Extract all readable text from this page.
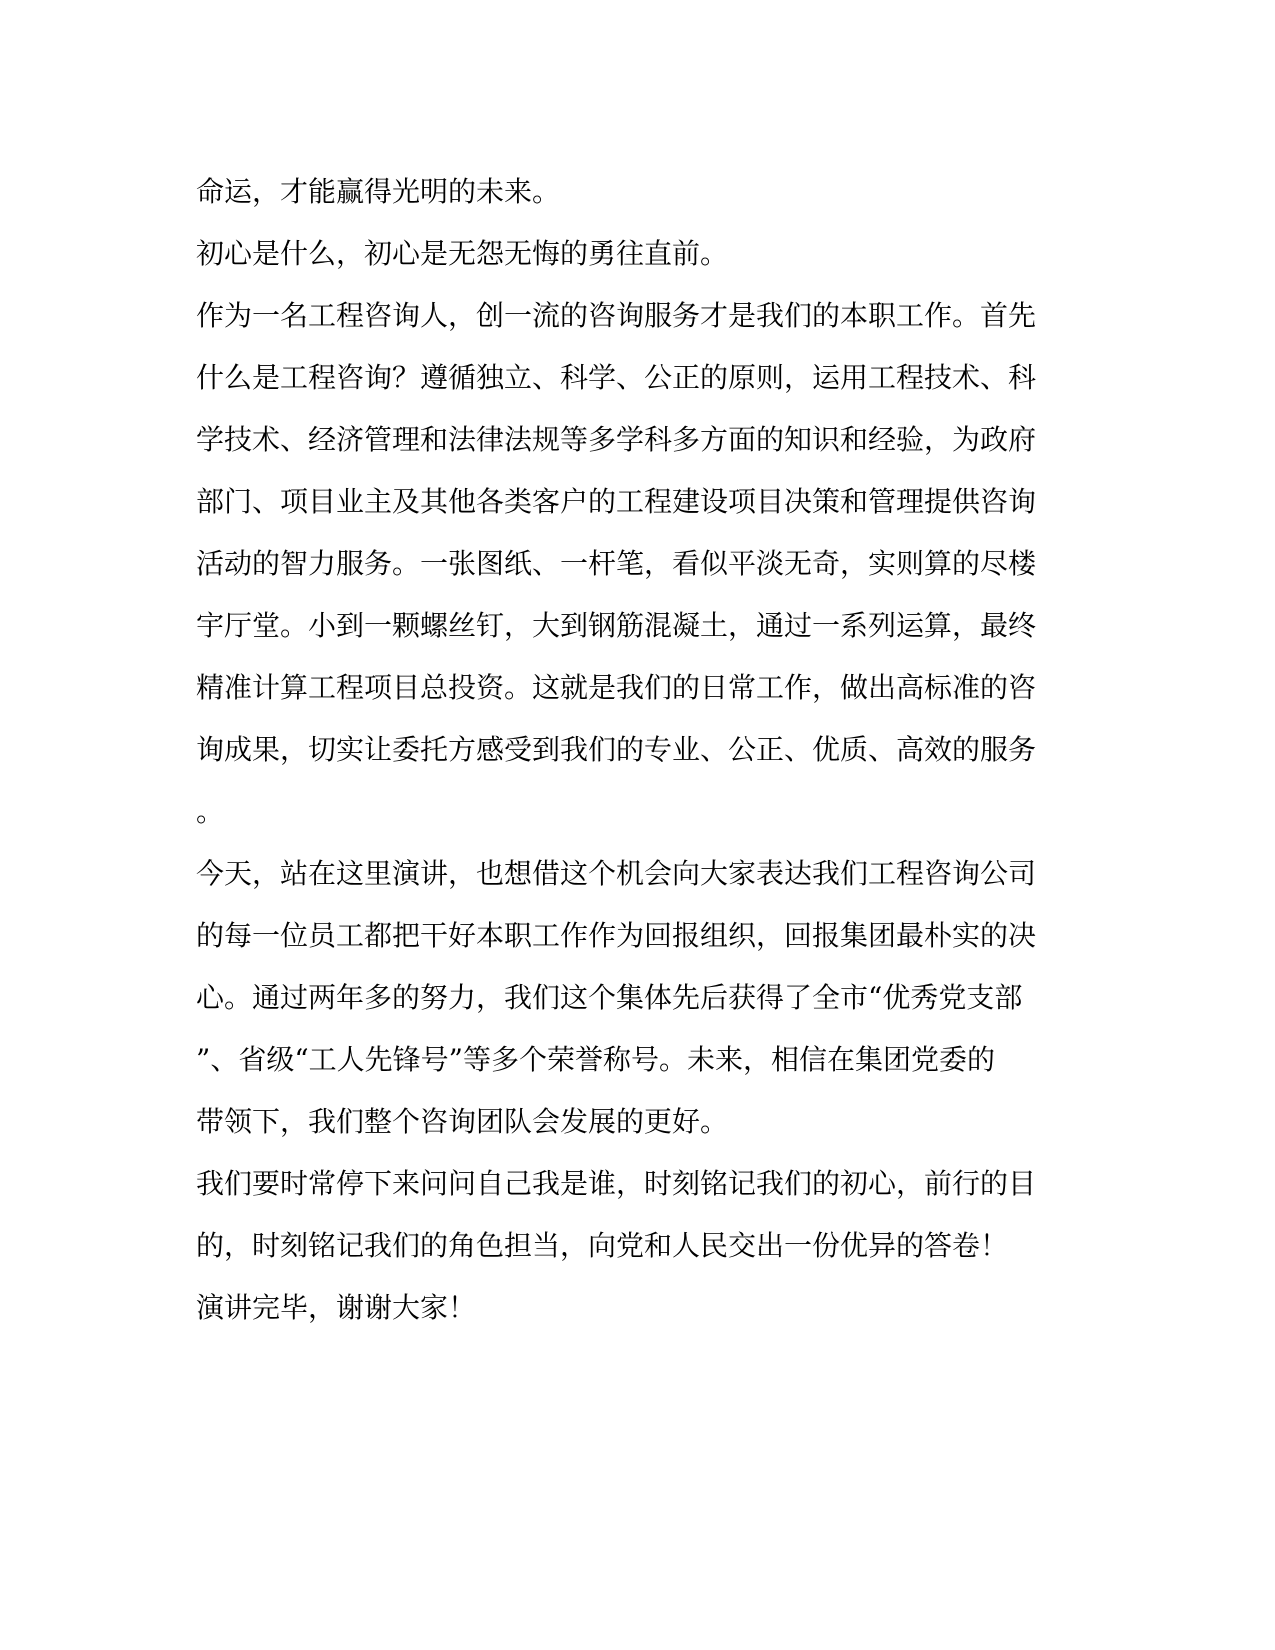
命运，才能赢得光明的未来。
初心是什么，初心是无怨无悔的勇往直前。
作为一名工程咨询人，创一流的咨询服务才是我们的本职工作。首先
什么是工程咨询？遵循独立、科学、公正的原则，运用工程技术、科
学技术、经济管理和法律法规等多学科多方面的知识和经验，为政府
部门、项目业主及其他各类客户的工程建设项目决策和管理提供咨询
活动的智力服务。一张图纸、一杆笔，看似平淡无奇，实则算的尽楼
宇厅堂。小到一颗螺丝钉，大到钢筋混凝土，通过一系列运算，最终
精准计算工程项目总投资。这就是我们的日常工作，做出高标准的咨
询成果，切实让委托方感受到我们的专业、公正、优质、高效的服务
。
今天，站在这里演讲，也想借这个机会向大家表达我们工程咨询公司
的每一位员工都把干好本职工作作为回报组织，回报集团最朴实的决
心。通过两年多的努力，我们这个集体先后获得了全市“优秀党支部
”、省级“工人先锋号”等多个荣誉称号。未来，相信在集团党委的
带领下，我们整个咨询团队会发展的更好。
我们要时常停下来问问自己我是谁，时刻铭记我们的初心，前行的目
的，时刻铭记我们的角色担当，向党和人民交出一份优异的答卷！
演讲完毕，谢谢大家！
